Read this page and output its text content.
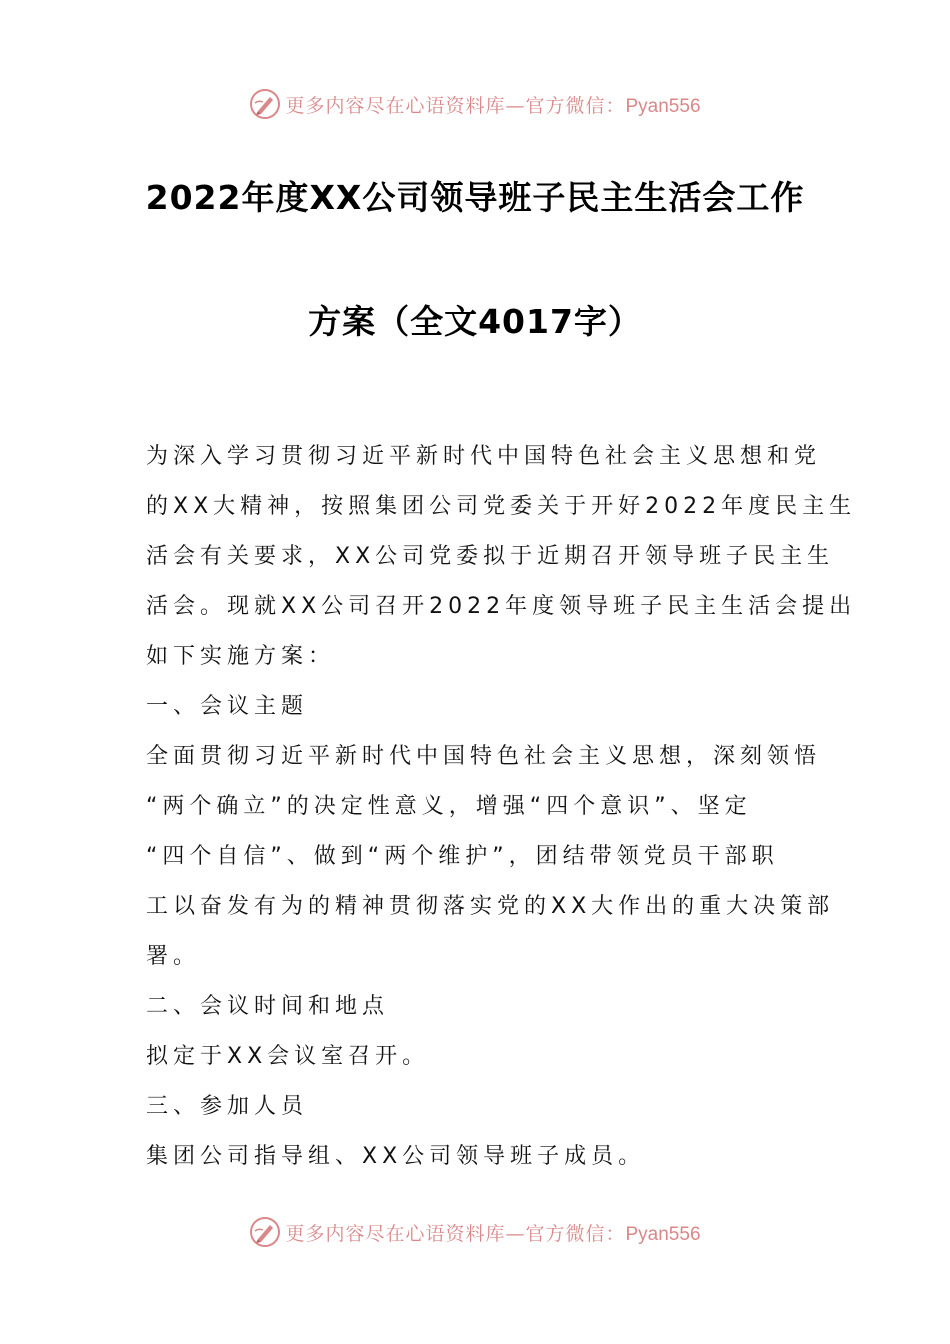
更多内容尽在心语资料库—官方微信：Pyan556
2022年度XX公司领导班子民主生活会工作
方案（全文4017字）
为深入学习贯彻习近平新时代中国特色社会主义思想和党
的XX大精神，按照集团公司党委关于开好2022年度民主生
活会有关要求，XX公司党委拟于近期召开领导班子民主生
活会。现就XX公司召开2022年度领导班子民主生活会提出
如下实施方案：
一、会议主题
全面贯彻习近平新时代中国特色社会主义思想，深刻领悟
“两个确立”的决定性意义，增强“四个意识”、坚定
“四个自信”、做到“两个维护”，团结带领党员干部职
工以奋发有为的精神贯彻落实党的XX大作出的重大决策部
署。
二、会议时间和地点
拟定于XX会议室召开。
三、参加人员
集团公司指导组、XX公司领导班子成员。
更多内容尽在心语资料库—官方微信：Pyan556
